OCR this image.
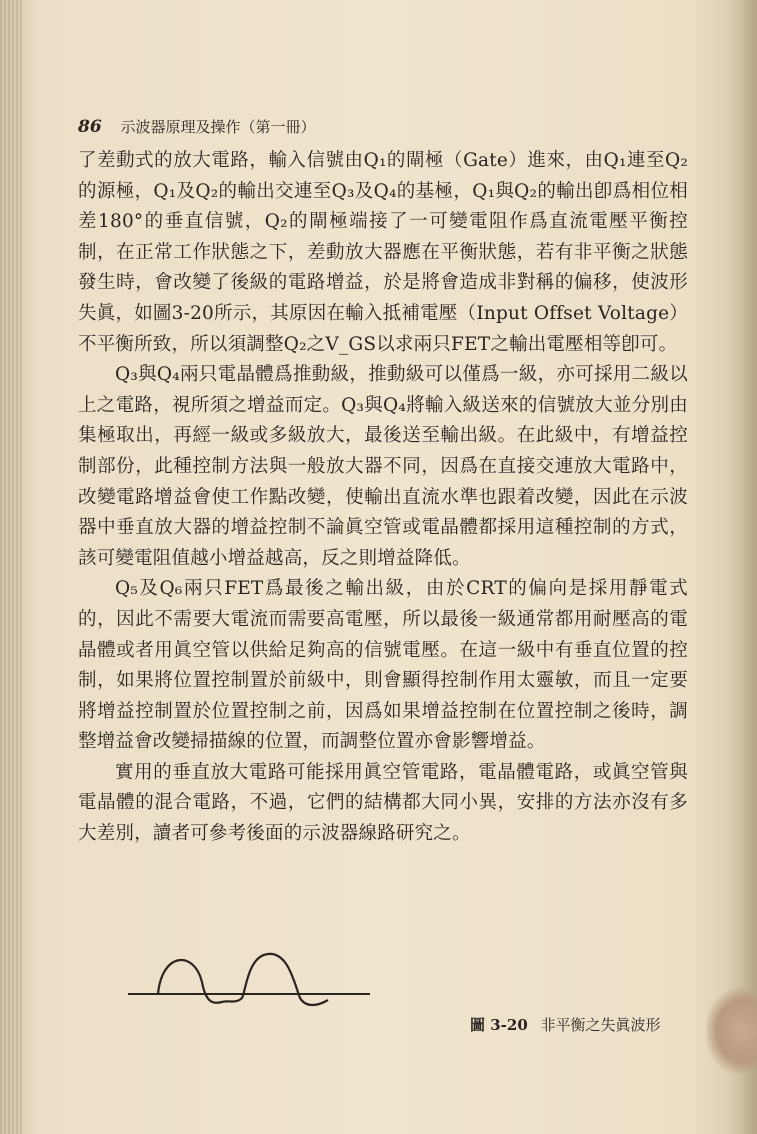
86 示波器原理及操作（第一冊）

了差動式的放大電路，輸入信號由Q₁的閘極（Gate）進來，由Q₁連至Q₂的源極，Q₁及Q₂的輸出交連至Q₃及Q₄的基極，Q₁與Q₂的輸出卽爲相位相差180°的垂直信號，Q₂的閘極端接了一可變電阻作爲直流電壓平衡控制，在正常工作狀態之下，差動放大器應在平衡狀態，若有非平衡之狀態發生時，會改變了後級的電路增益，於是將會造成非對稱的偏移，使波形失眞，如圖3-20所示，其原因在輸入抵補電壓（Input Offset Voltage）不平衡所致，所以須調整Q₂之V_GS以求兩只FET之輸出電壓相等卽可。

Q₃與Q₄兩只電晶體爲推動級，推動級可以僅爲一級，亦可採用二級以上之電路，視所須之增益而定。Q₃與Q₄將輸入級送來的信號放大並分別由集極取出，再經一級或多級放大，最後送至輸出級。在此級中，有增益控制部份，此種控制方法與一般放大器不同，因爲在直接交連放大電路中，改變電路增益會使工作點改變，使輸出直流水準也跟着改變，因此在示波器中垂直放大器的增益控制不論眞空管或電晶體都採用這種控制的方式，該可變電阻值越小增益越高，反之則增益降低。

Q₅及Q₆兩只FET爲最後之輸出級，由於CRT的偏向是採用靜電式的，因此不需要大電流而需要高電壓，所以最後一級通常都用耐壓高的電晶體或者用眞空管以供給足夠高的信號電壓。在這一級中有垂直位置的控制，如果將位置控制置於前級中，則會顯得控制作用太靈敏，而且一定要將增益控制置於位置控制之前，因爲如果增益控制在位置控制之後時，調整增益會改變掃描線的位置，而調整位置亦會影響增益。

實用的垂直放大電路可能採用眞空管電路，電晶體電路，或眞空管與電晶體的混合電路，不過，它們的結構都大同小異，安排的方法亦沒有多大差別，讀者可參考後面的示波器線路研究之。

圖 3-20 非平衡之失眞波形
